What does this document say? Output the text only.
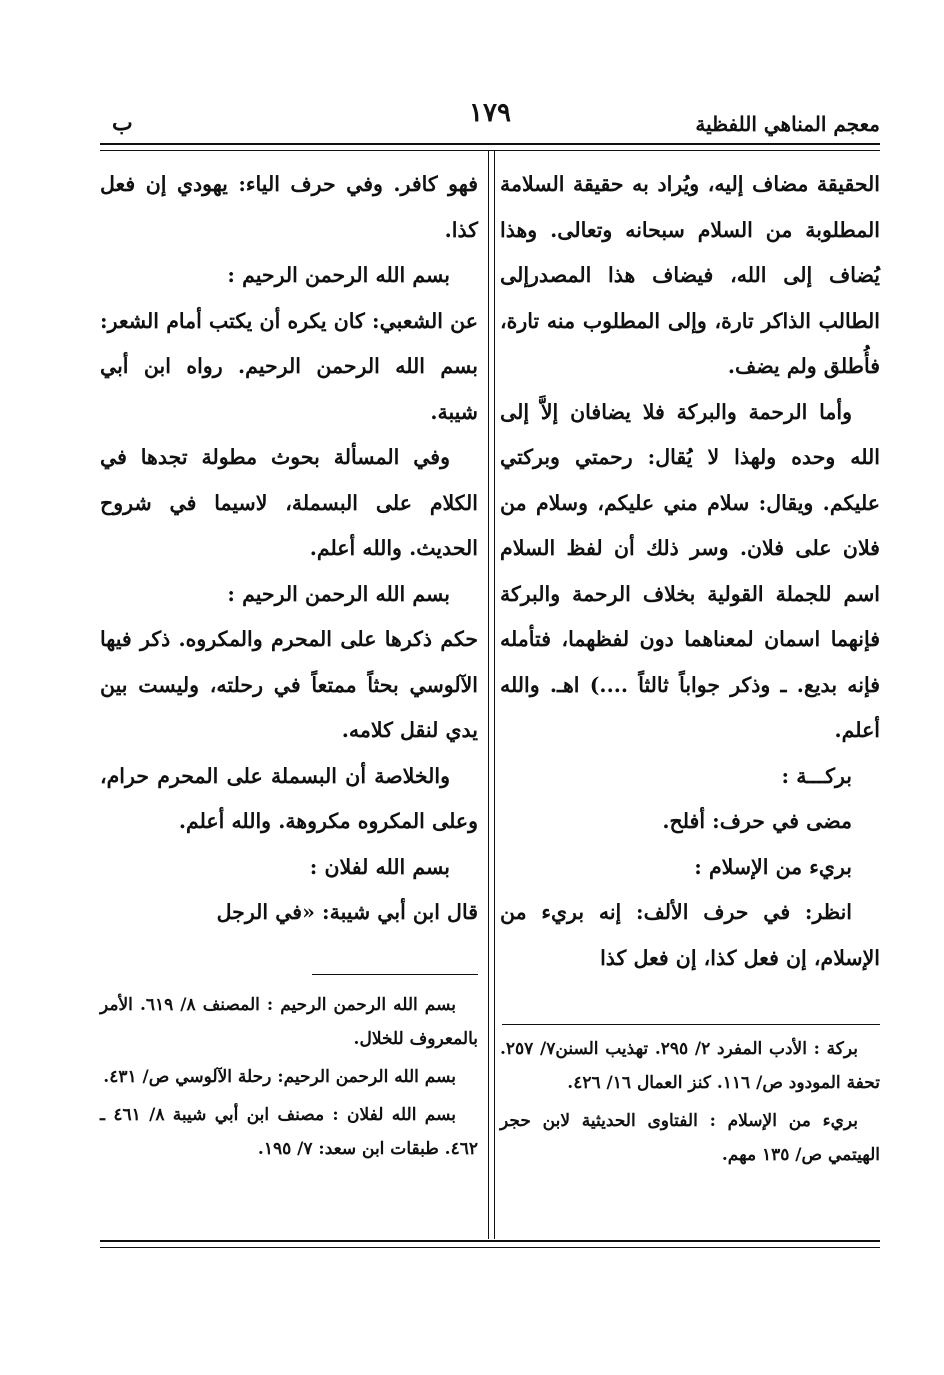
معجم المناهي اللفظية
١٧٩
ب

الحقيقة مضاف إليه، ويُراد به حقيقة السلامة المطلوبة من السلام سبحانه وتعالى. وهذا يُضاف إلى الله، فيضاف هذا المصدرإلى الطالب الذاكر تارة، وإلى المطلوب منه تارة، فأُطلق ولم يضف.

وأما الرحمة والبركة فلا يضافان إلاَّ إلى الله وحده ولهذا لا يُقال: رحمتي وبركتي عليكم. ويقال: سلام مني عليكم، وسلام من فلان على فلان. وسر ذلك أن لفظ السلام اسم للجملة القولية بخلاف الرحمة والبركة فإنهما اسمان لمعناهما دون لفظهما، فتأمله فإنه بديع. ـ وذكر جواباً ثالثاً ....) اهـ. والله أعلم.

بركـــة :

مضى في حرف: أفلح.

بريء من الإسلام :

انظر: في حرف الألف: إنه بريء من الإسلام، إن فعل كذا، إن فعل كذا

فهو كافر. وفي حرف الياء: يهودي إن فعل كذا.

بسم الله الرحمن الرحيم :

عن الشعبي: كان يكره أن يكتب أمام الشعر: بسم الله الرحمن الرحيم. رواه ابن أبي شيبة.

وفي المسألة بحوث مطولة تجدها في الكلام على البسملة، لاسيما في شروح الحديث. والله أعلم.

بسم الله الرحمن الرحيم :

حكم ذكرها على المحرم والمكروه. ذكر فيها الآلوسي بحثاً ممتعاً في رحلته، وليست بين يدي لنقل كلامه.

والخلاصة أن البسملة على المحرم حرام، وعلى المكروه مكروهة. والله أعلم.

بسم الله لفلان :

قال ابن أبي شيبة: «في الرجل

بركة : الأدب المفرد ٢/ ٢٩٥. تهذيب السنن٧/ ٢٥٧. تحفة المودود ص/ ١١٦. كنز العمال ١٦/ ٤٢٦.

بريء من الإسلام : الفتاوى الحديثية لابن حجر الهيتمي ص/ ١٣٥ مهم.

بسم الله الرحمن الرحيم : المصنف ٨/ ٦١٩. الأمر بالمعروف للخلال.

بسم الله الرحمن الرحيم: رحلة الآلوسي ص/ ٤٣١.

بسم الله لفلان : مصنف ابن أبي شيبة ٨/ ٤٦١ ـ ٤٦٢. طبقات ابن سعد: ٧/ ١٩٥.
